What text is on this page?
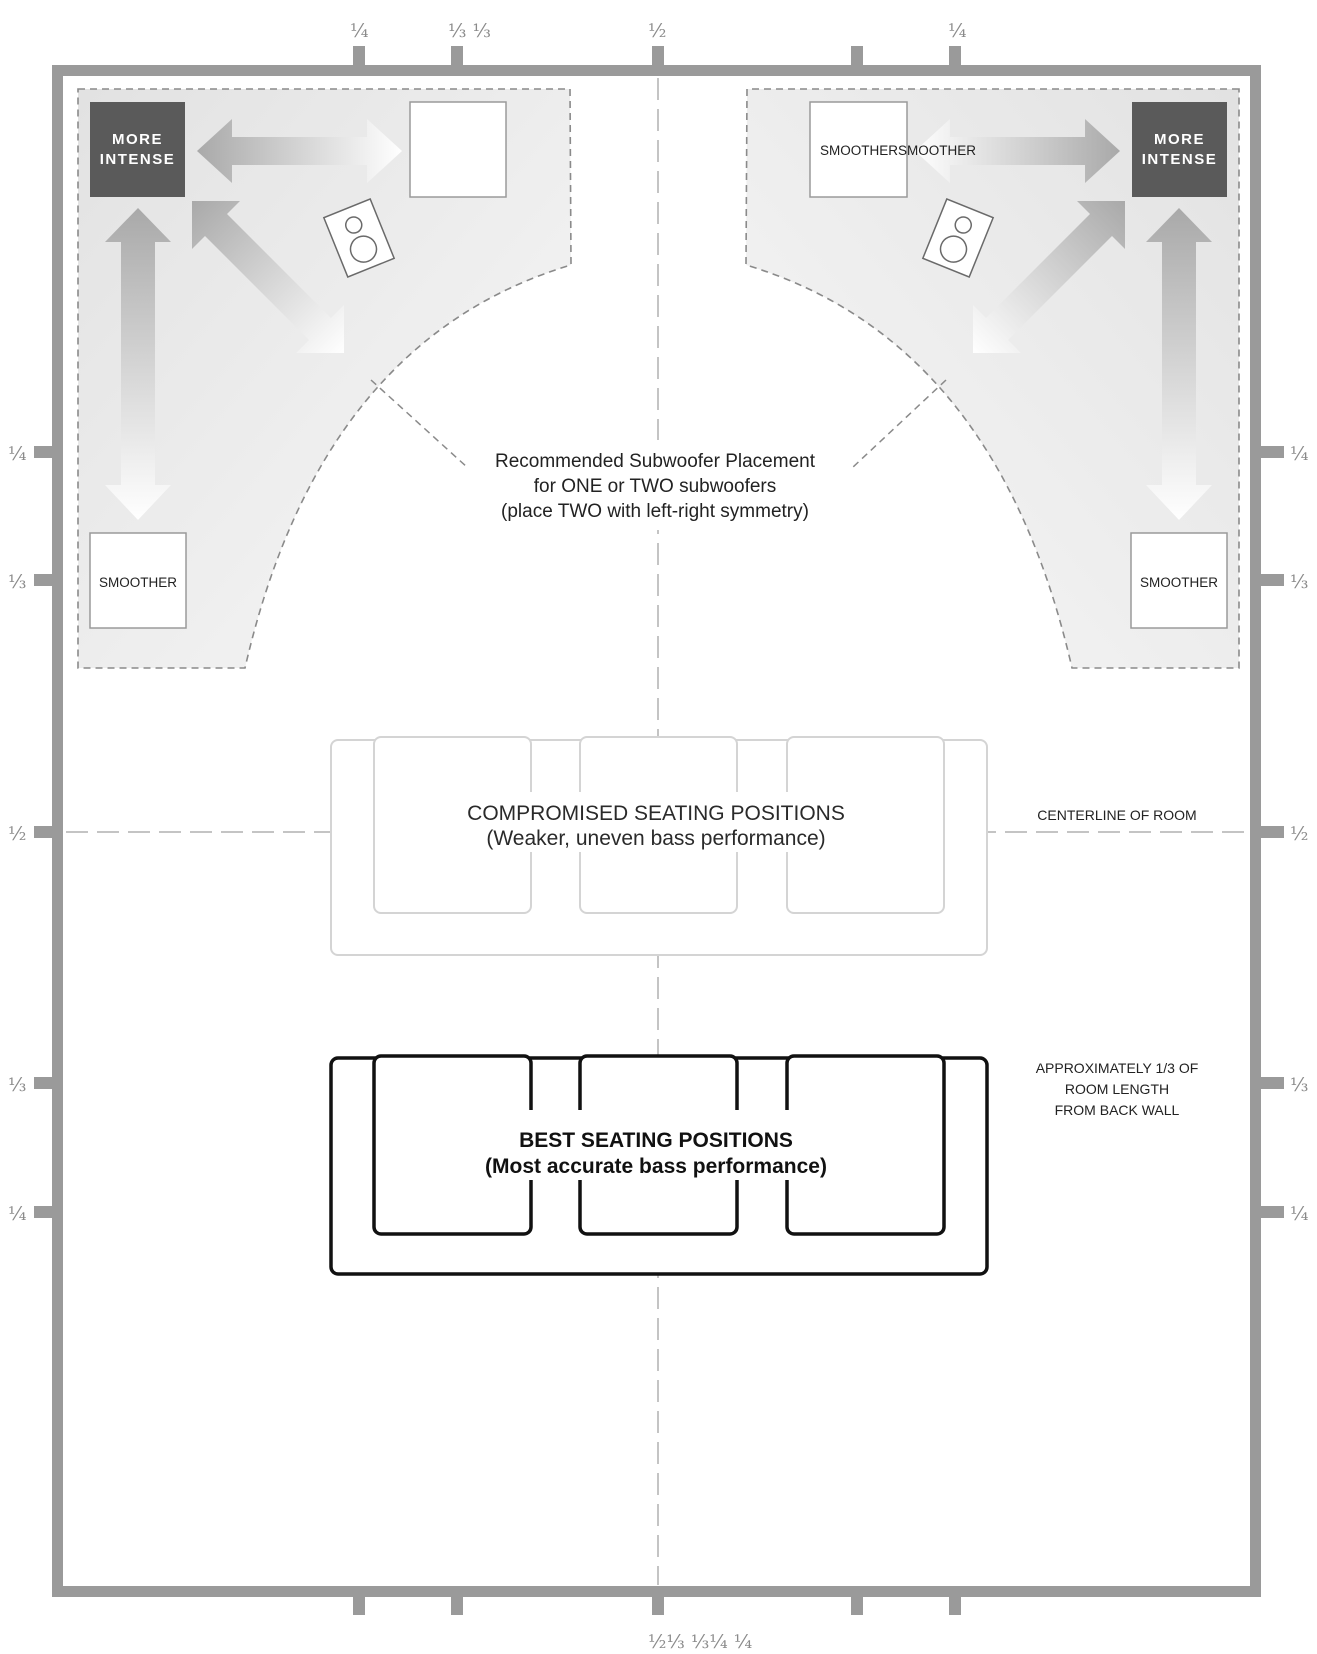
¼	⅓ ⅓	½	¼
½⅓ ⅓¼ ¼
¼
⅓
½
⅓
¼
¼
⅓
½
⅓
¼
MORE
INTENSE
SMOOTHER
SMOOTHERSMOOTHER
MORE
INTENSE
SMOOTHER
Recommended Subwoofer Placement
for ONE or TWO subwoofers
(place TWO with left-right symmetry)
COMPROMISED SEATING POSITIONS
(Weaker, uneven bass performance)
CENTERLINE OF ROOM
BEST SEATING POSITIONS
(Most accurate bass performance)
APPROXIMATELY 1/3 OF
ROOM LENGTH
FROM BACK WALL
